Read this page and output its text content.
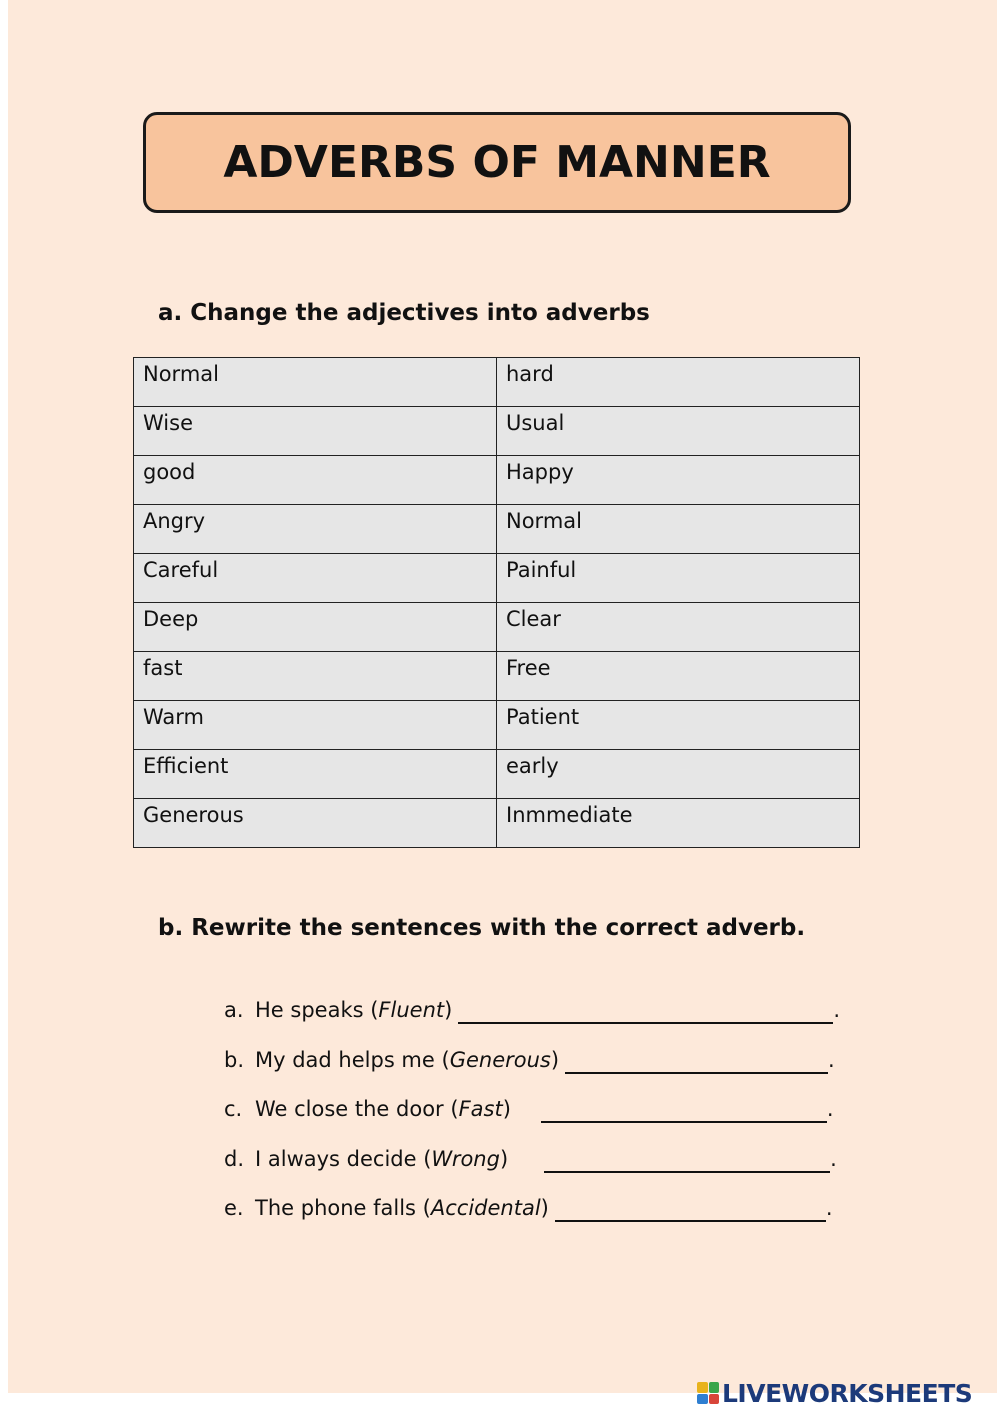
ADVERBS OF MANNER
a. Change the adjectives into adverbs
Normal	hard
Wise	Usual
good	Happy
Angry	Normal
Careful	Painful
Deep	Clear
fast	Free
Warm	Patient
Efficient	early
Generous	Inmmediate
b. Rewrite the sentences with the correct adverb.
a. He speaks ( Fluent )	.
b. My dad helps me ( Generous )	.
c. We close the door ( Fast )	.
d. I always decide ( Wrong )	.
e. The phone falls ( Accidental )	.
LIVEWORKSHEETS
